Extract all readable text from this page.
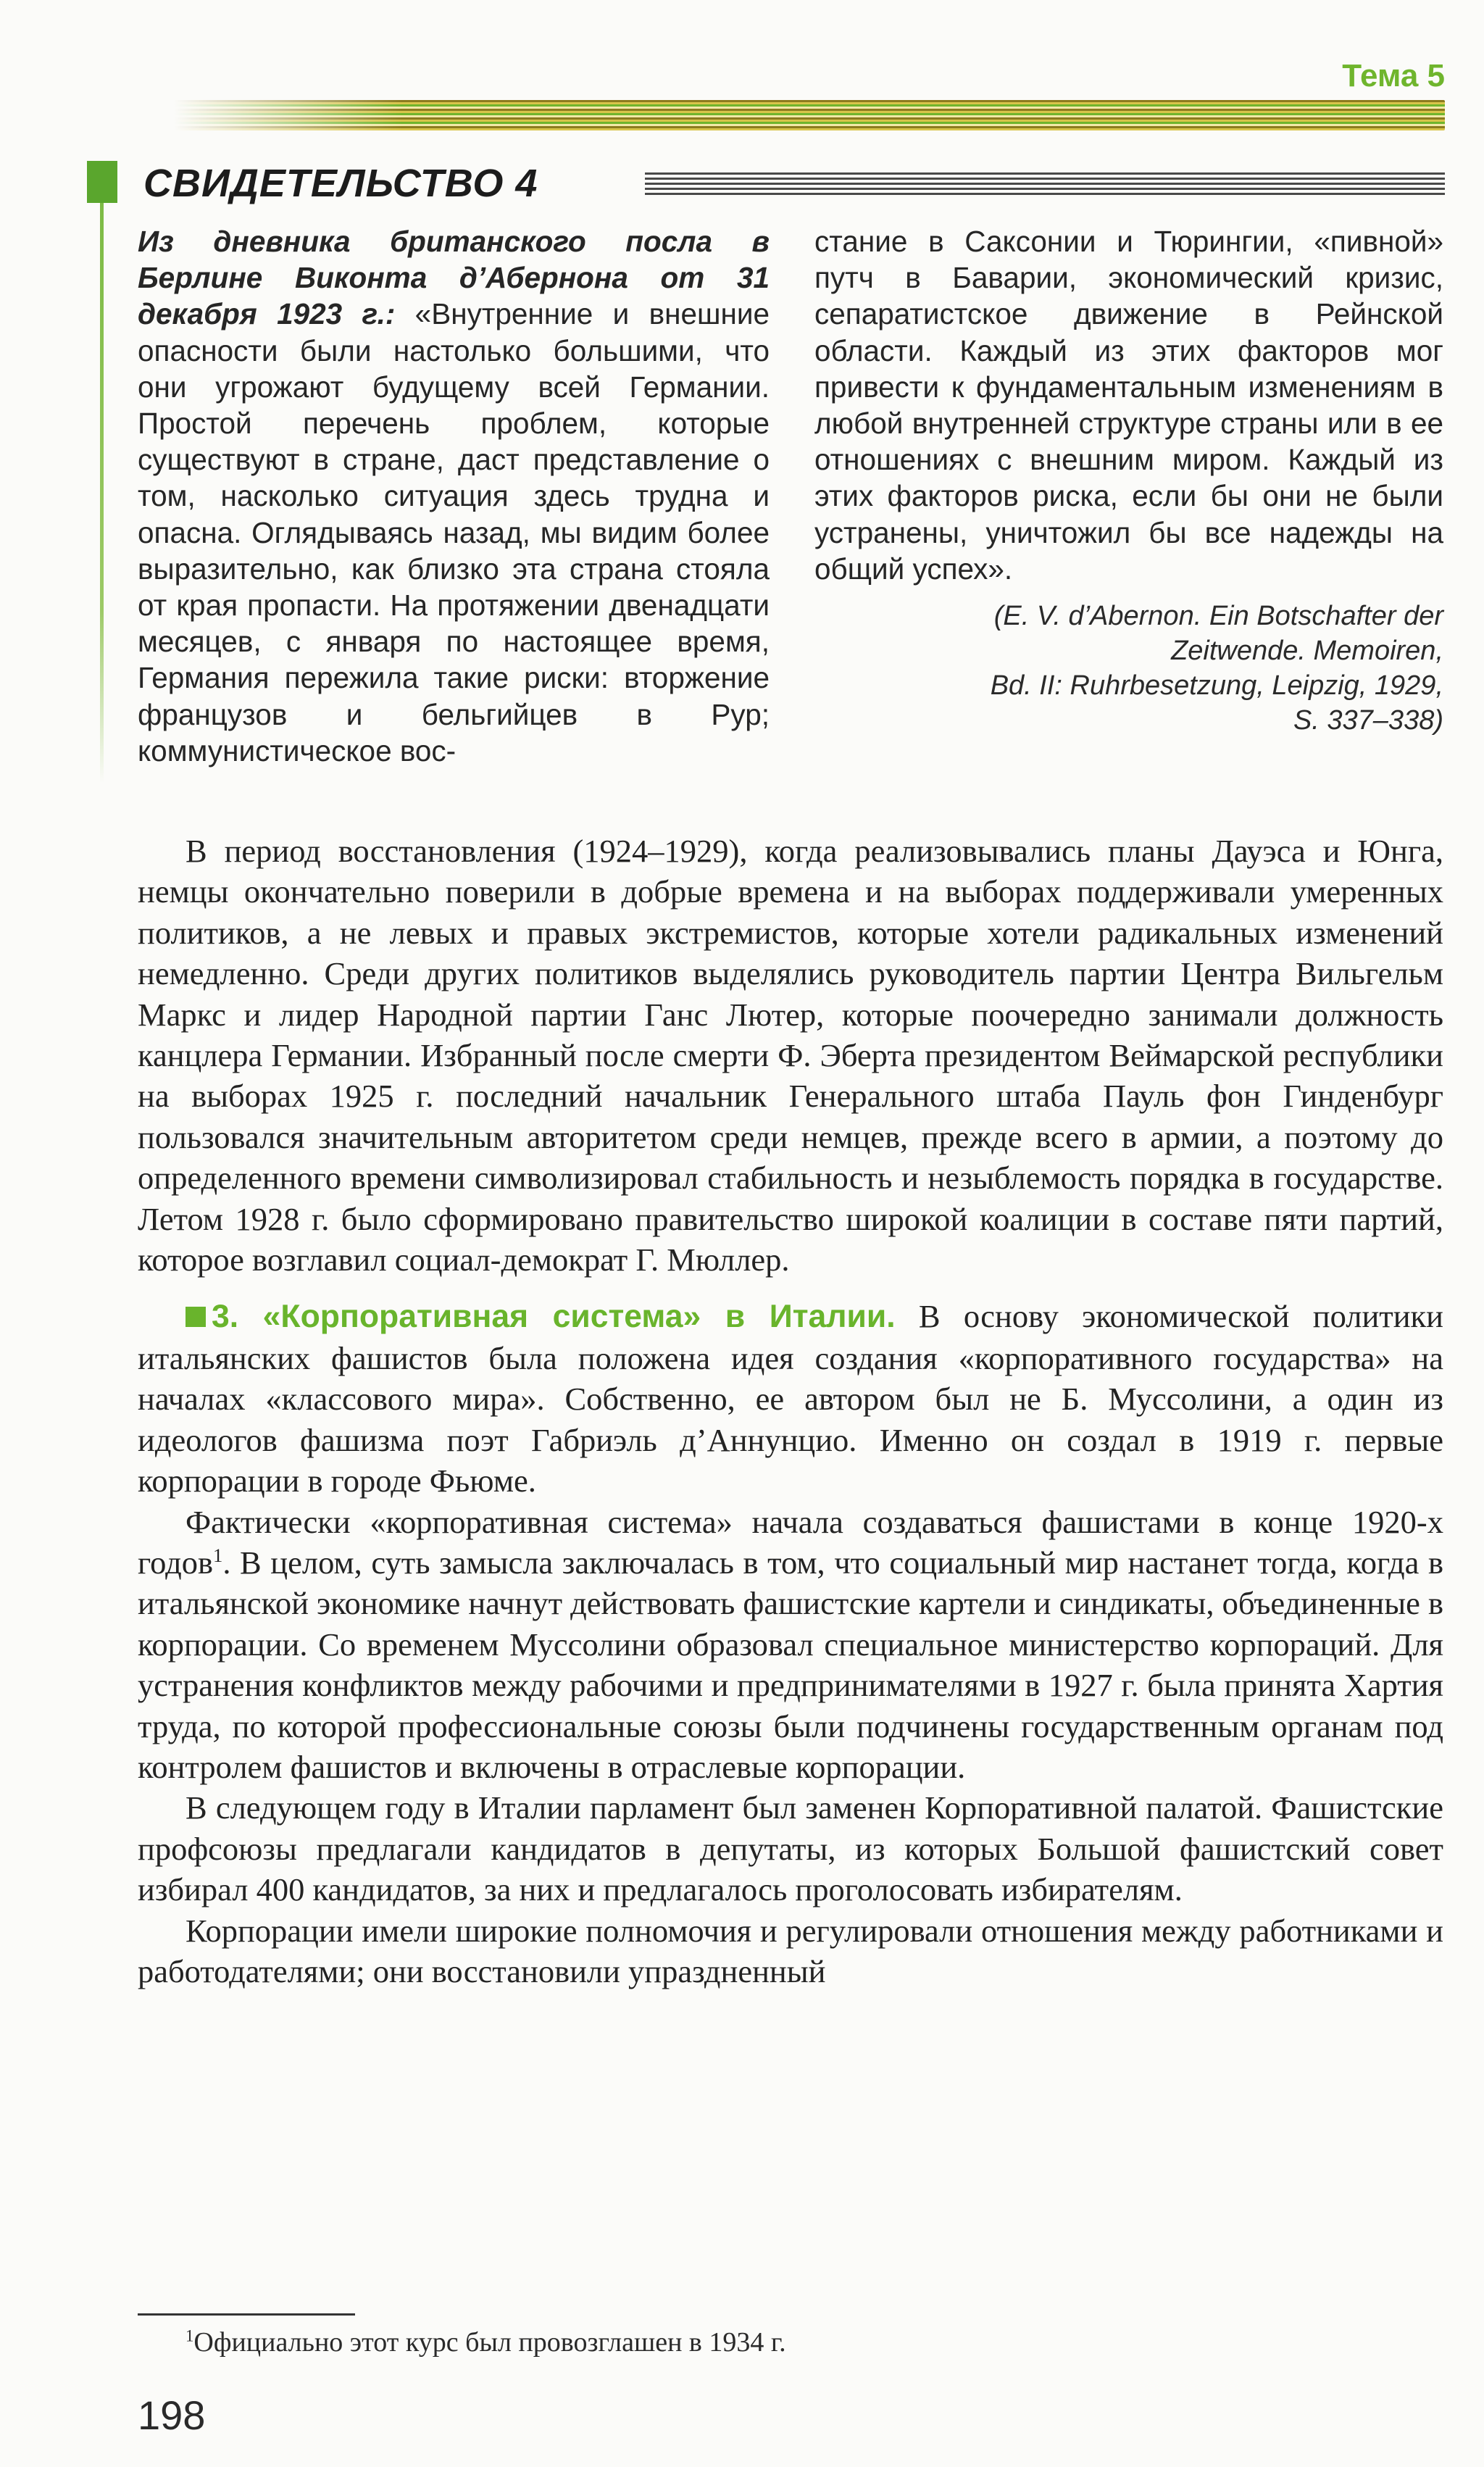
Тема 5
СВИДЕТЕЛЬСТВО 4

Из дневника британского посла в Берлине Виконта д’Абернона от 31 декабря 1923 г.: «Внутренние и внешние опасности были настолько большими, что они угрожают будущему всей Германии. Простой перечень проблем, которые существуют в стране, даст представление о том, насколько ситуация здесь трудна и опасна. Оглядываясь назад, мы видим более выразительно, как близко эта страна стояла от края пропасти. На протяжении двенадцати месяцев, с января по настоящее время, Германия пережила такие риски: вторжение французов и бельгийцев в Рур; коммунистическое вос-

стание в Саксонии и Тюрингии, «пивной» путч в Баварии, экономический кризис, сепаратистское движение в Рейнской области. Каждый из этих факторов мог привести к фундаментальным изменениям в любой внутренней структуре страны или в ее отношениях с внешним миром. Каждый из этих факторов риска, если бы они не были устранены, уничтожил бы все надежды на общий успех».

(E. V. d’Abernon. Ein Botschafter der
Zeitwende. Memoiren,
Bd. II: Ruhrbesetzung, Leipzig, 1929,
S. 337–338)

В период восстановления (1924–1929), когда реализовывались планы Дауэса и Юнга, немцы окончательно поверили в добрые времена и на выборах поддерживали умеренных политиков, а не левых и правых экстремистов, которые хотели радикальных изменений немедленно. Среди других политиков выделялись руководитель партии Центра Вильгельм Маркс и лидер Народной партии Ганс Лютер, которые поочередно занимали должность канцлера Германии. Избранный после смерти Ф. Эберта президентом Веймарской республики на выборах 1925 г. последний начальник Генерального штаба Пауль фон Гинденбург пользовался значительным авторитетом среди немцев, прежде всего в армии, а поэтому до определенного времени символизировал стабильность и незыблемость порядка в государстве. Летом 1928 г. было сформировано правительство широкой коалиции в составе пяти партий, которое возглавил социал-демократ Г. Мюллер.

3. «Корпоративная система» в Италии. В основу экономической политики итальянских фашистов была положена идея создания «корпоративного государства» на началах «классового мира». Собственно, ее автором был не Б. Муссолини, а один из идеологов фашизма поэт Габриэль д’Аннунцио. Именно он создал в 1919 г. первые корпорации в городе Фьюме.

Фактически «корпоративная система» начала создаваться фашистами в конце 1920-х годов$^1$. В целом, суть замысла заключалась в том, что социальный мир настанет тогда, когда в итальянской экономике начнут действовать фашистские картели и синдикаты, объединенные в корпорации. Со временем Муссолини образовал специальное министерство корпораций. Для устранения конфликтов между рабочими и предпринимателями в 1927 г. была принята Хартия труда, по которой профессиональные союзы были подчинены государственным органам под контролем фашистов и включены в отраслевые корпорации.

В следующем году в Италии парламент был заменен Корпоративной палатой. Фашистские профсоюзы предлагали кандидатов в депутаты, из которых Большой фашистский совет избирал 400 кандидатов, за них и предлагалось проголосовать избирателям.

Корпорации имели широкие полномочия и регулировали отношения между работниками и работодателями; они восстановили упраздненный

$^1$Официально этот курс был провозглашен в 1934 г.

198
